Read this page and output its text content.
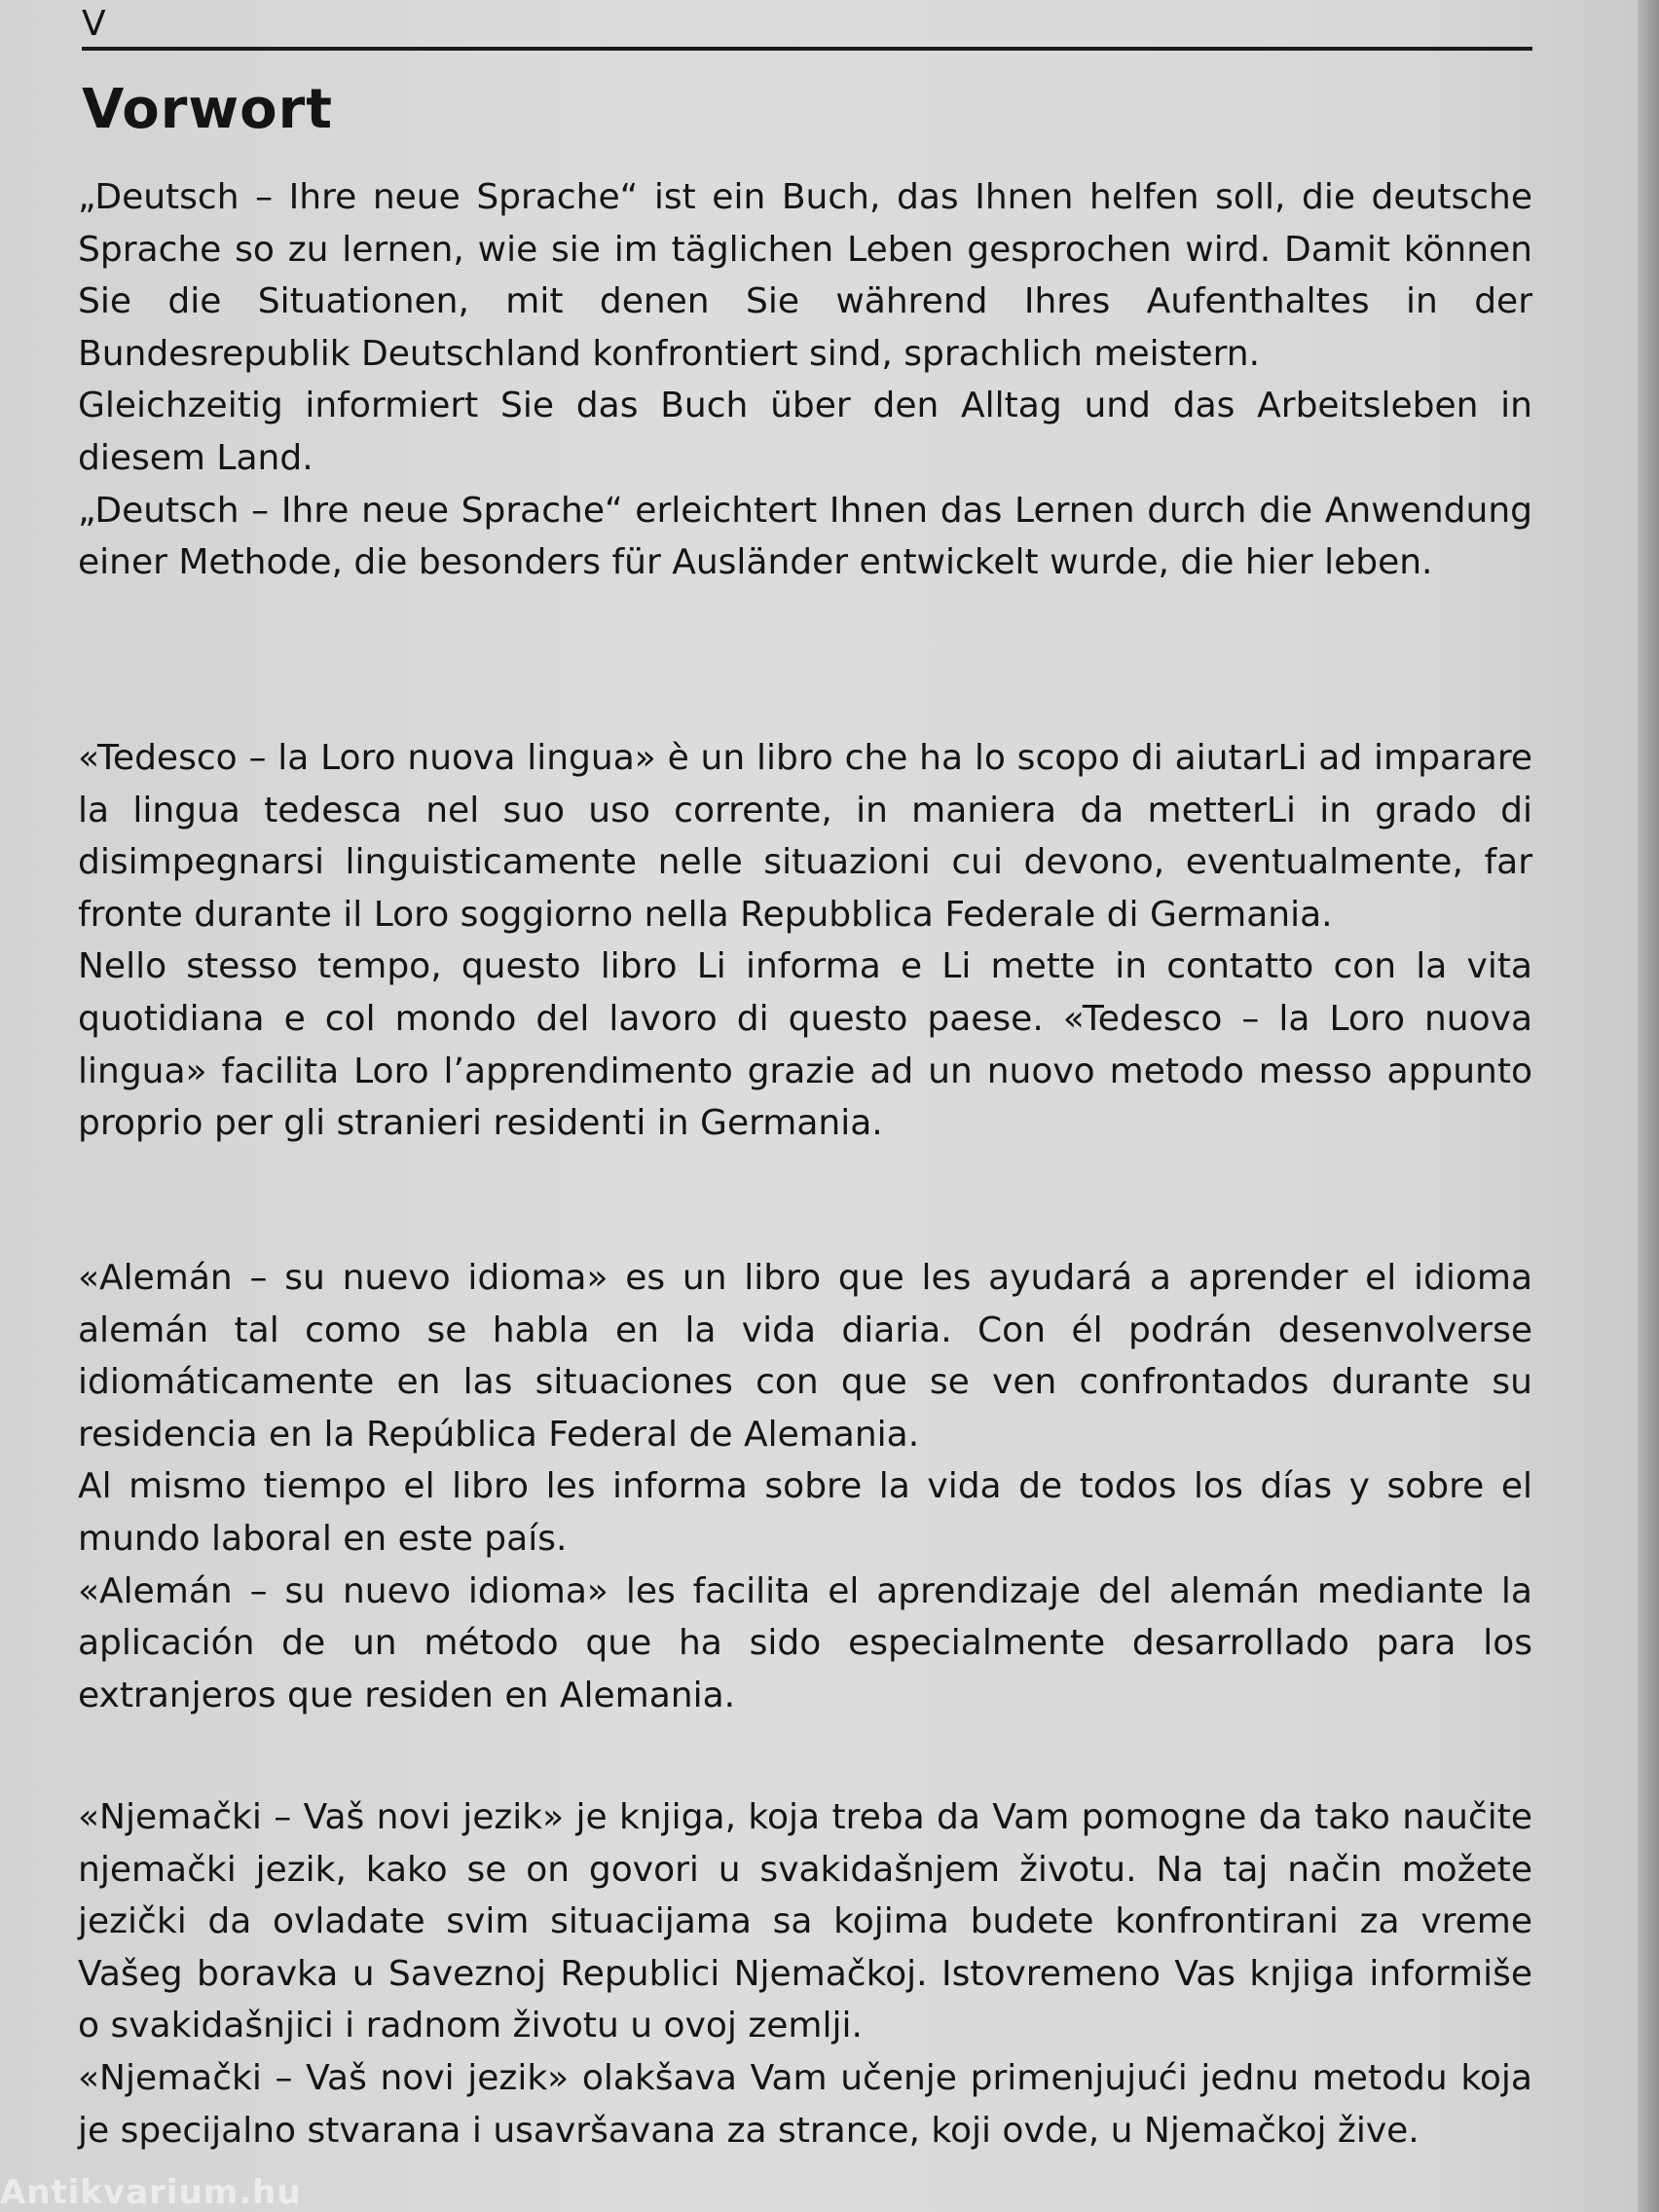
V
Vorwort

„Deutsch – Ihre neue Sprache“ ist ein Buch, das Ihnen helfen soll, die deutsche Sprache so zu lernen, wie sie im täglichen Leben gesprochen wird. Damit können Sie die Situationen, mit denen Sie während Ihres Aufenthaltes in der Bundesrepublik Deutschland konfrontiert sind, sprachlich meistern.

Gleichzeitig informiert Sie das Buch über den Alltag und das Arbeitsleben in diesem Land.

„Deutsch – Ihre neue Sprache“ erleichtert Ihnen das Lernen durch die Anwendung einer Methode, die besonders für Ausländer entwickelt wurde, die hier leben.

«Tedesco – la Loro nuova lingua» è un libro che ha lo scopo di aiutarLi ad imparare la lingua tedesca nel suo uso corrente, in maniera da metterLi in grado di disimpegnarsi linguisticamente nelle situazioni cui devono, eventualmente, far fronte durante il Loro soggiorno nella Repubblica Federale di Germania.

Nello stesso tempo, questo libro Li informa e Li mette in contatto con la vita quotidiana e col mondo del lavoro di questo paese. «Tedesco – la Loro nuova lingua» facilita Loro l’apprendimento grazie ad un nuovo metodo messo appunto proprio per gli stranieri residenti in Germania.

«Alemán – su nuevo idioma» es un libro que les ayudará a aprender el idioma alemán tal como se habla en la vida diaria. Con él podrán desenvolverse idiomáticamente en las situaciones con que se ven confrontados durante su residencia en la República Federal de Alemania.

Al mismo tiempo el libro les informa sobre la vida de todos los días y sobre el mundo laboral en este país.

«Alemán – su nuevo idioma» les facilita el aprendizaje del alemán mediante la aplicación de un método que ha sido especialmente desarrollado para los extranjeros que residen en Alemania.

«Njemački – Vaš novi jezik» je knjiga, koja treba da Vam pomogne da tako naučite njemački jezik, kako se on govori u svakidašnjem životu. Na taj način možete jezički da ovladate svim situacijama sa kojima budete konfrontirani za vreme Vašeg boravka u Saveznoj Republici Njemačkoj. Istovremeno Vas knjiga informiše o svakidašnjici i radnom životu u ovoj zemlji.

«Njemački – Vaš novi jezik» olakšava Vam učenje primenjujući jednu metodu koja je specijalno stvarana i usavršavana za strance, koji ovde, u Njemačkoj žive.

Antikvarium.hu
